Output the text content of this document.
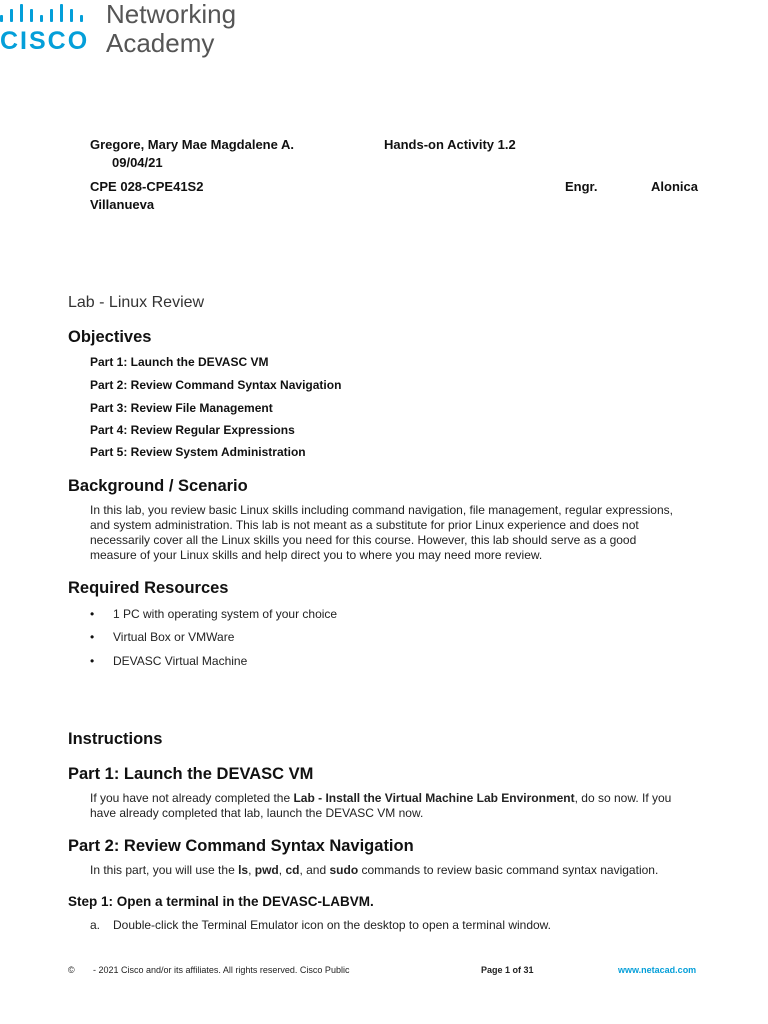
CISCO
Networking
Academy
Gregore, Mary Mae Magdalene A.	Hands-on Activity 1.2
09/04/21
CPE 028-CPE41S2	Engr.	Alonica
Villanueva
Lab - Linux Review
Objectives
Part 1: Launch the DEVASC VM
Part 2: Review Command Syntax Navigation
Part 3: Review File Management
Part 4: Review Regular Expressions
Part 5: Review System Administration
Background / Scenario
In this lab, you review basic Linux skills including command navigation, file management, regular expressions,
and system administration. This lab is not meant as a substitute for prior Linux experience and does not
necessarily cover all the Linux skills you need for this course. However, this lab should serve as a good
measure of your Linux skills and help direct you to where you may need more review.
Required Resources
• 1 PC with operating system of your choice
• Virtual Box or VMWare
• DEVASC Virtual Machine
Instructions
Part 1: Launch the DEVASC VM
If you have not already completed the Lab - Install the Virtual Machine Lab Environment, do so now. If you
have already completed that lab, launch the DEVASC VM now.
Part 2: Review Command Syntax Navigation
In this part, you will use the ls, pwd, cd, and sudo commands to review basic command syntax navigation.
Step 1: Open a terminal in the DEVASC-LABVM.
a. Double-click the Terminal Emulator icon on the desktop to open a terminal window.
© - 2021 Cisco and/or its affiliates. All rights reserved. Cisco Public	Page 1 of 31	www.netacad.com
